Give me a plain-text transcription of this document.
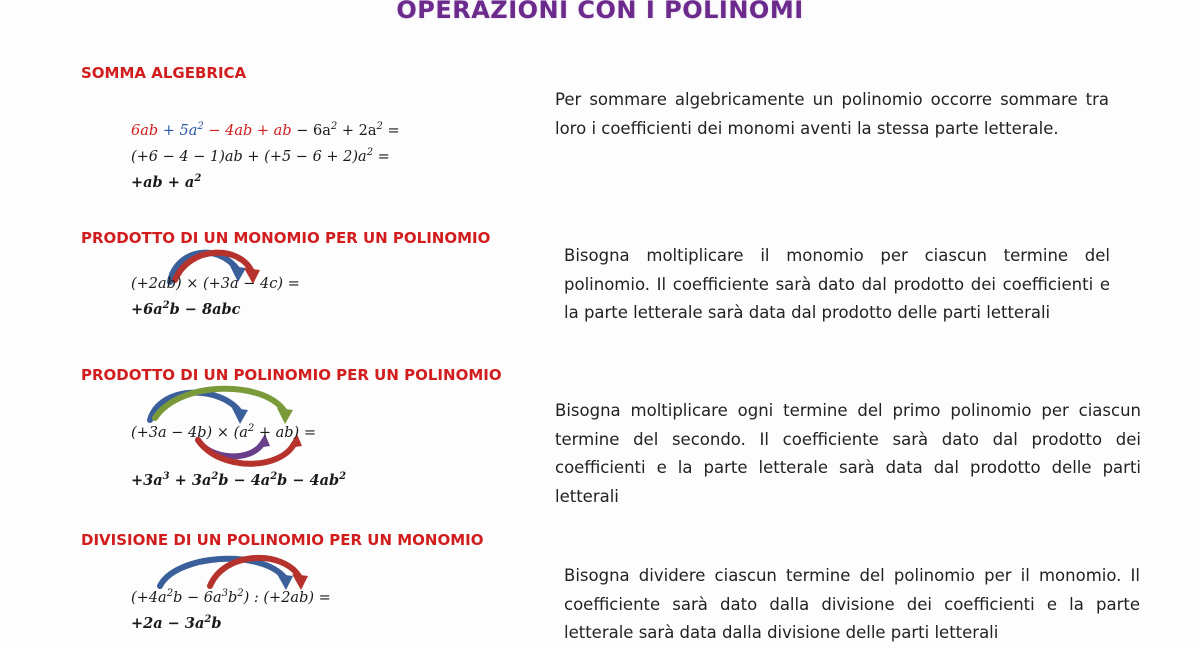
OPERAZIONI CON I POLINOMI
SOMMA ALGEBRICA
$6ab + 5a^2 - 4ab$ + ab − $6a^2 + 2a^2$ =
$(+6 - 4 - 1)ab + (+5 - 6 + 2)a^2$ =
$+ab + a^2$
Per sommare algebricamente un polinomio occorre sommare tra loro i coefficienti dei monomi aventi la stessa parte letterale.
PRODOTTO DI UN MONOMIO PER UN POLINOMIO
(+2ab) × (+3a − 4c) =
$+6a^2b - 8abc$
Bisogna moltiplicare il monomio per ciascun termine del polinomio. Il coefficiente sarà dato dal prodotto dei coefficienti e la parte letterale sarà data dal prodotto delle parti letterali
PRODOTTO DI UN POLINOMIO PER UN POLINOMIO
$(+3a - 4b) \times (a^2 + ab)$ =
$+3a^3 + 3a^2b - 4a^2b - 4ab^2$
Bisogna moltiplicare ogni termine del primo polinomio per ciascun termine del secondo. Il coefficiente sarà dato dal prodotto dei coefficienti e la parte letterale sarà data dal prodotto delle parti letterali
DIVISIONE DI UN POLINOMIO PER UN MONOMIO
$(+4a^2b - 6a^3b^2)$ : (+2ab) =
$+2a - 3a^2b$
Bisogna dividere ciascun termine del polinomio per il monomio. Il coefficiente sarà dato dalla divisione dei coefficienti e la parte letterale sarà data dalla divisione delle parti letterali
